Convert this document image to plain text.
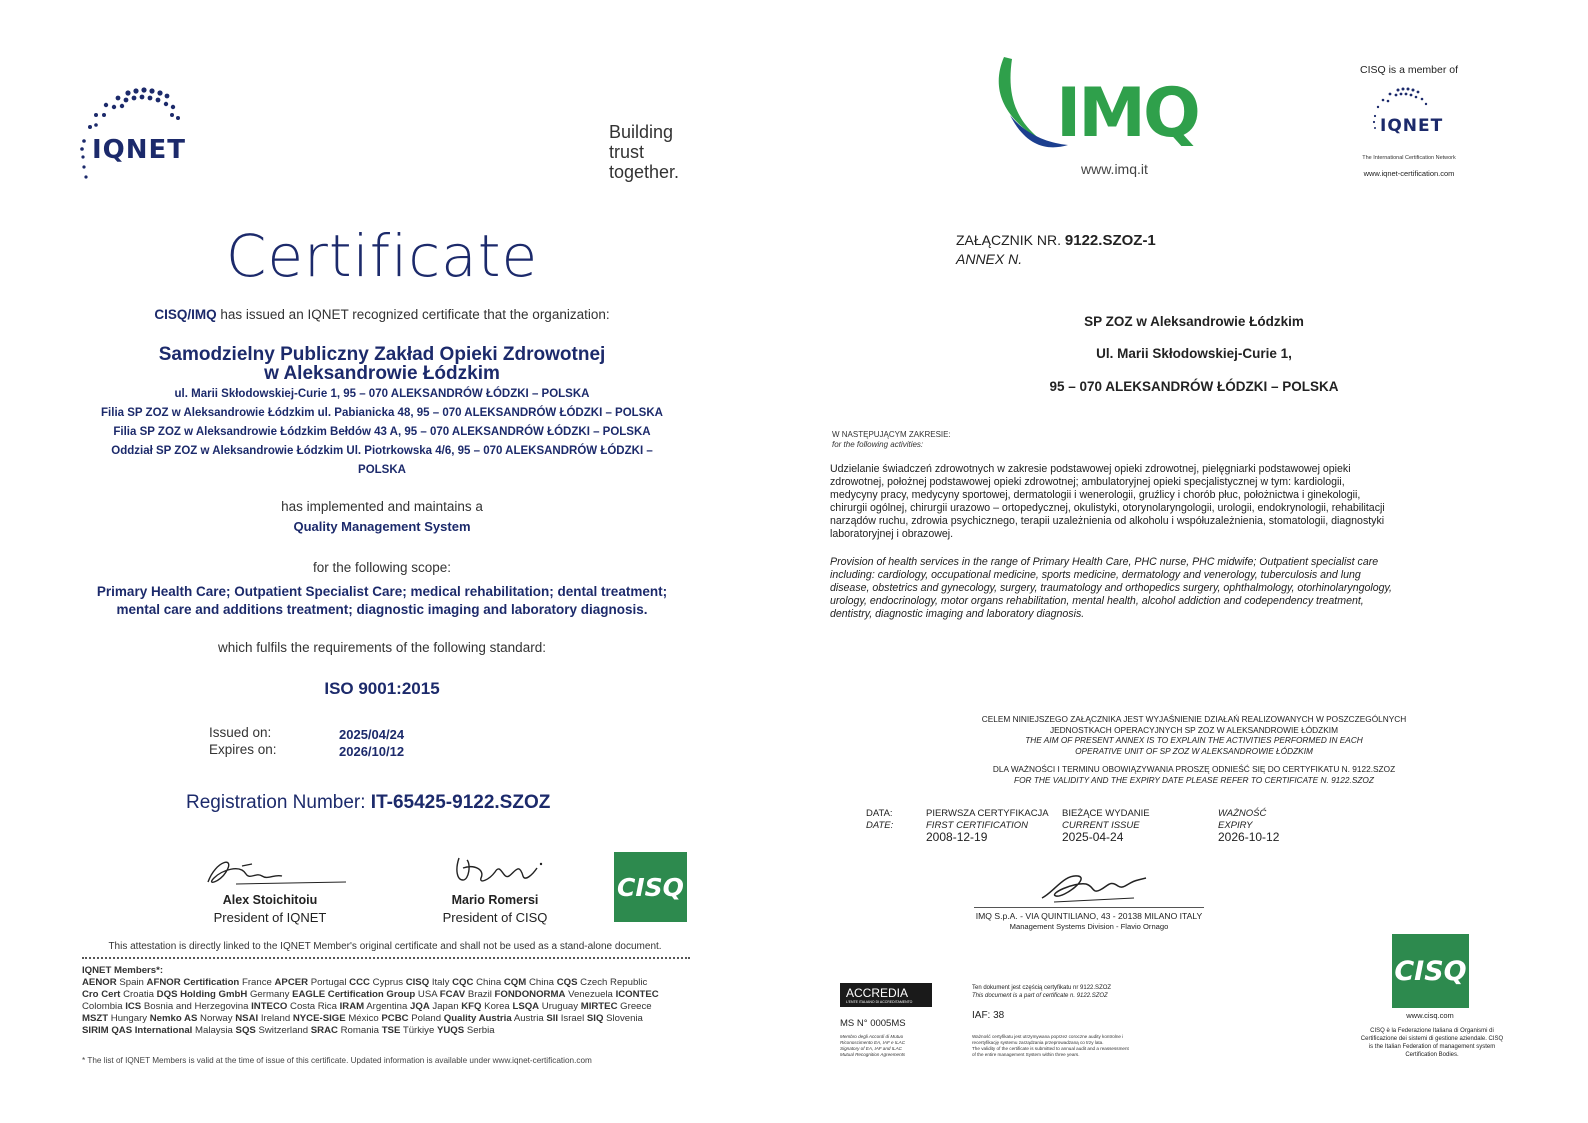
IQNET
Building
trust
together.
Certificate
CISQ/IMQ has issued an IQNET recognized certificate that the organization:
Samodzielny Publiczny Zakład Opieki Zdrowotnej
w Aleksandrowie Łódzkim
ul. Marii Skłodowskiej-Curie 1, 95 – 070 ALEKSANDRÓW ŁÓDZKI – POLSKA
Filia SP ZOZ w Aleksandrowie Łódzkim ul. Pabianicka 48, 95 – 070 ALEKSANDRÓW ŁÓDZKI – POLSKA
Filia SP ZOZ w Aleksandrowie Łódzkim Bełdów 43 A, 95 – 070 ALEKSANDRÓW ŁÓDZKI – POLSKA
Oddział SP ZOZ w Aleksandrowie Łódzkim Ul. Piotrkowska 4/6, 95 – 070 ALEKSANDRÓW ŁÓDZKI –
POLSKA
has implemented and maintains a
Quality Management System
for the following scope:
Primary Health Care; Outpatient Specialist Care; medical rehabilitation; dental treatment;
mental care and additions treatment; diagnostic imaging and laboratory diagnosis.
which fulfils the requirements of the following standard:
ISO 9001:2015
Issued on:	2025/04/24
Expires on:	2026/10/12
Registration Number: IT-65425-9122.SZOZ
Alex Stoichitoiu
President of IQNET
Mario Romersi
President of CISQ
CISQ
This attestation is directly linked to the IQNET Member's original certificate and shall not be used as a stand-alone document.
IQNET Members*:
AENOR Spain AFNOR Certification France APCER Portugal CCC Cyprus CISQ Italy CQC China CQM China CQS Czech Republic
Cro Cert Croatia DQS Holding GmbH Germany EAGLE Certification Group USA FCAV Brazil FONDONORMA Venezuela ICONTEC
Colombia ICS Bosnia and Herzegovina INTECO Costa Rica IRAM Argentina JQA Japan KFQ Korea LSQA Uruguay MIRTEC Greece
MSZT Hungary Nemko AS Norway NSAI Ireland NYCE-SIGE México PCBC Poland Quality Austria Austria SII Israel SIQ Slovenia
SIRIM QAS International Malaysia SQS Switzerland SRAC Romania TSE Türkiye YUQS Serbia
* The list of IQNET Members is valid at the time of issue of this certificate. Updated information is available under www.iqnet-certification.com
IMQ
www.imq.it
CISQ is a member of
IQNET
The International Certification Network
www.iqnet-certification.com
ZAŁĄCZNIK NR. 9122.SZOZ-1
ANNEX N.
SP ZOZ w Aleksandrowie Łódzkim
Ul. Marii Skłodowskiej-Curie 1,
95 – 070 ALEKSANDRÓW ŁÓDZKI – POLSKA
W NASTĘPUJĄCYM ZAKRESIE:
for the following activities:
Udzielanie świadczeń zdrowotnych w zakresie podstawowej opieki zdrowotnej, pielęgniarki podstawowej opieki
zdrowotnej, położnej podstawowej opieki zdrowotnej; ambulatoryjnej opieki specjalistycznej w tym: kardiologii,
medycyny pracy, medycyny sportowej, dermatologii i wenerologii, gruźlicy i chorób płuc, położnictwa i ginekologii,
chirurgii ogólnej, chirurgii urazowo – ortopedycznej, okulistyki, otorynolaryngologii, urologii, endokrynologii, rehabilitacji
narządów ruchu, zdrowia psychicznego, terapii uzależnienia od alkoholu i współuzależnienia, stomatologii, diagnostyki
laboratoryjnej i obrazowej.
Provision of health services in the range of Primary Health Care, PHC nurse, PHC midwife; Outpatient specialist care
including: cardiology, occupational medicine, sports medicine, dermatology and venerology, tuberculosis and lung
disease, obstetrics and gynecology, surgery, traumatology and orthopedics surgery, ophthalmology, otorhinolaryngology,
urology, endocrinology, motor organs rehabilitation, mental health, alcohol addiction and codependency treatment,
dentistry, diagnostic imaging and laboratory diagnosis.
CELEM NINIEJSZEGO ZAŁĄCZNIKA JEST WYJAŚNIENIE DZIAŁAŃ REALIZOWANYCH W POSZCZEGÓLNYCH
JEDNOSTKACH OPERACYJNYCH SP ZOZ W ALEKSANDROWIE ŁÓDZKIM
THE AIM OF PRESENT ANNEX IS TO EXPLAIN THE ACTIVITIES PERFORMED IN EACH
OPERATIVE UNIT OF SP ZOZ W ALEKSANDROWIE ŁÓDZKIM
DLA WAŻNOŚCI I TERMINU OBOWIĄZYWANIA PROSZĘ ODNIEŚĆ SIĘ DO CERTYFIKATU N. 9122.SZOZ
FOR THE VALIDITY AND THE EXPIRY DATE PLEASE REFER TO CERTIFICATE N. 9122.SZOZ
DATA:
DATE:
PIERWSZA CERTYFIKACJA
FIRST CERTIFICATION
2008-12-19
BIEŻĄCE WYDANIE
CURRENT ISSUE
2025-04-24
WAŻNOŚĆ
EXPIRY
2026-10-12
IMQ S.p.A. - VIA QUINTILIANO, 43 - 20138 MILANO ITALY
Management Systems Division - Flavio Ornago
ACCREDIA
L'ENTE ITALIANO DI ACCREDITAMENTO
MS N° 0005MS
Membro degli Accordi di Mutuo
Riconoscimento EA, IAF e ILAC
Signatory of EA, IAF and ILAC
Mutual Recognition Agreements
Ten dokument jest częścią certyfikatu nr 9122.SZOZ
This document is a part of certificate n. 9122.SZOZ
IAF: 38
Ważność certyfikatu jest utrzymywana poprzez coroczne audity kontrolne i
recertyfikację systemu zarządzania przeprowadzaną co trzy lata.
The validity of the certificate is submitted to annual audit and a reassessment
of the entire management System within three years.
CISQ
www.cisq.com
CISQ è la Federazione Italiana di Organismi di
Certificazione dei sistemi di gestione aziendale. CISQ
is the Italian Federation of management system
Certification Bodies.
